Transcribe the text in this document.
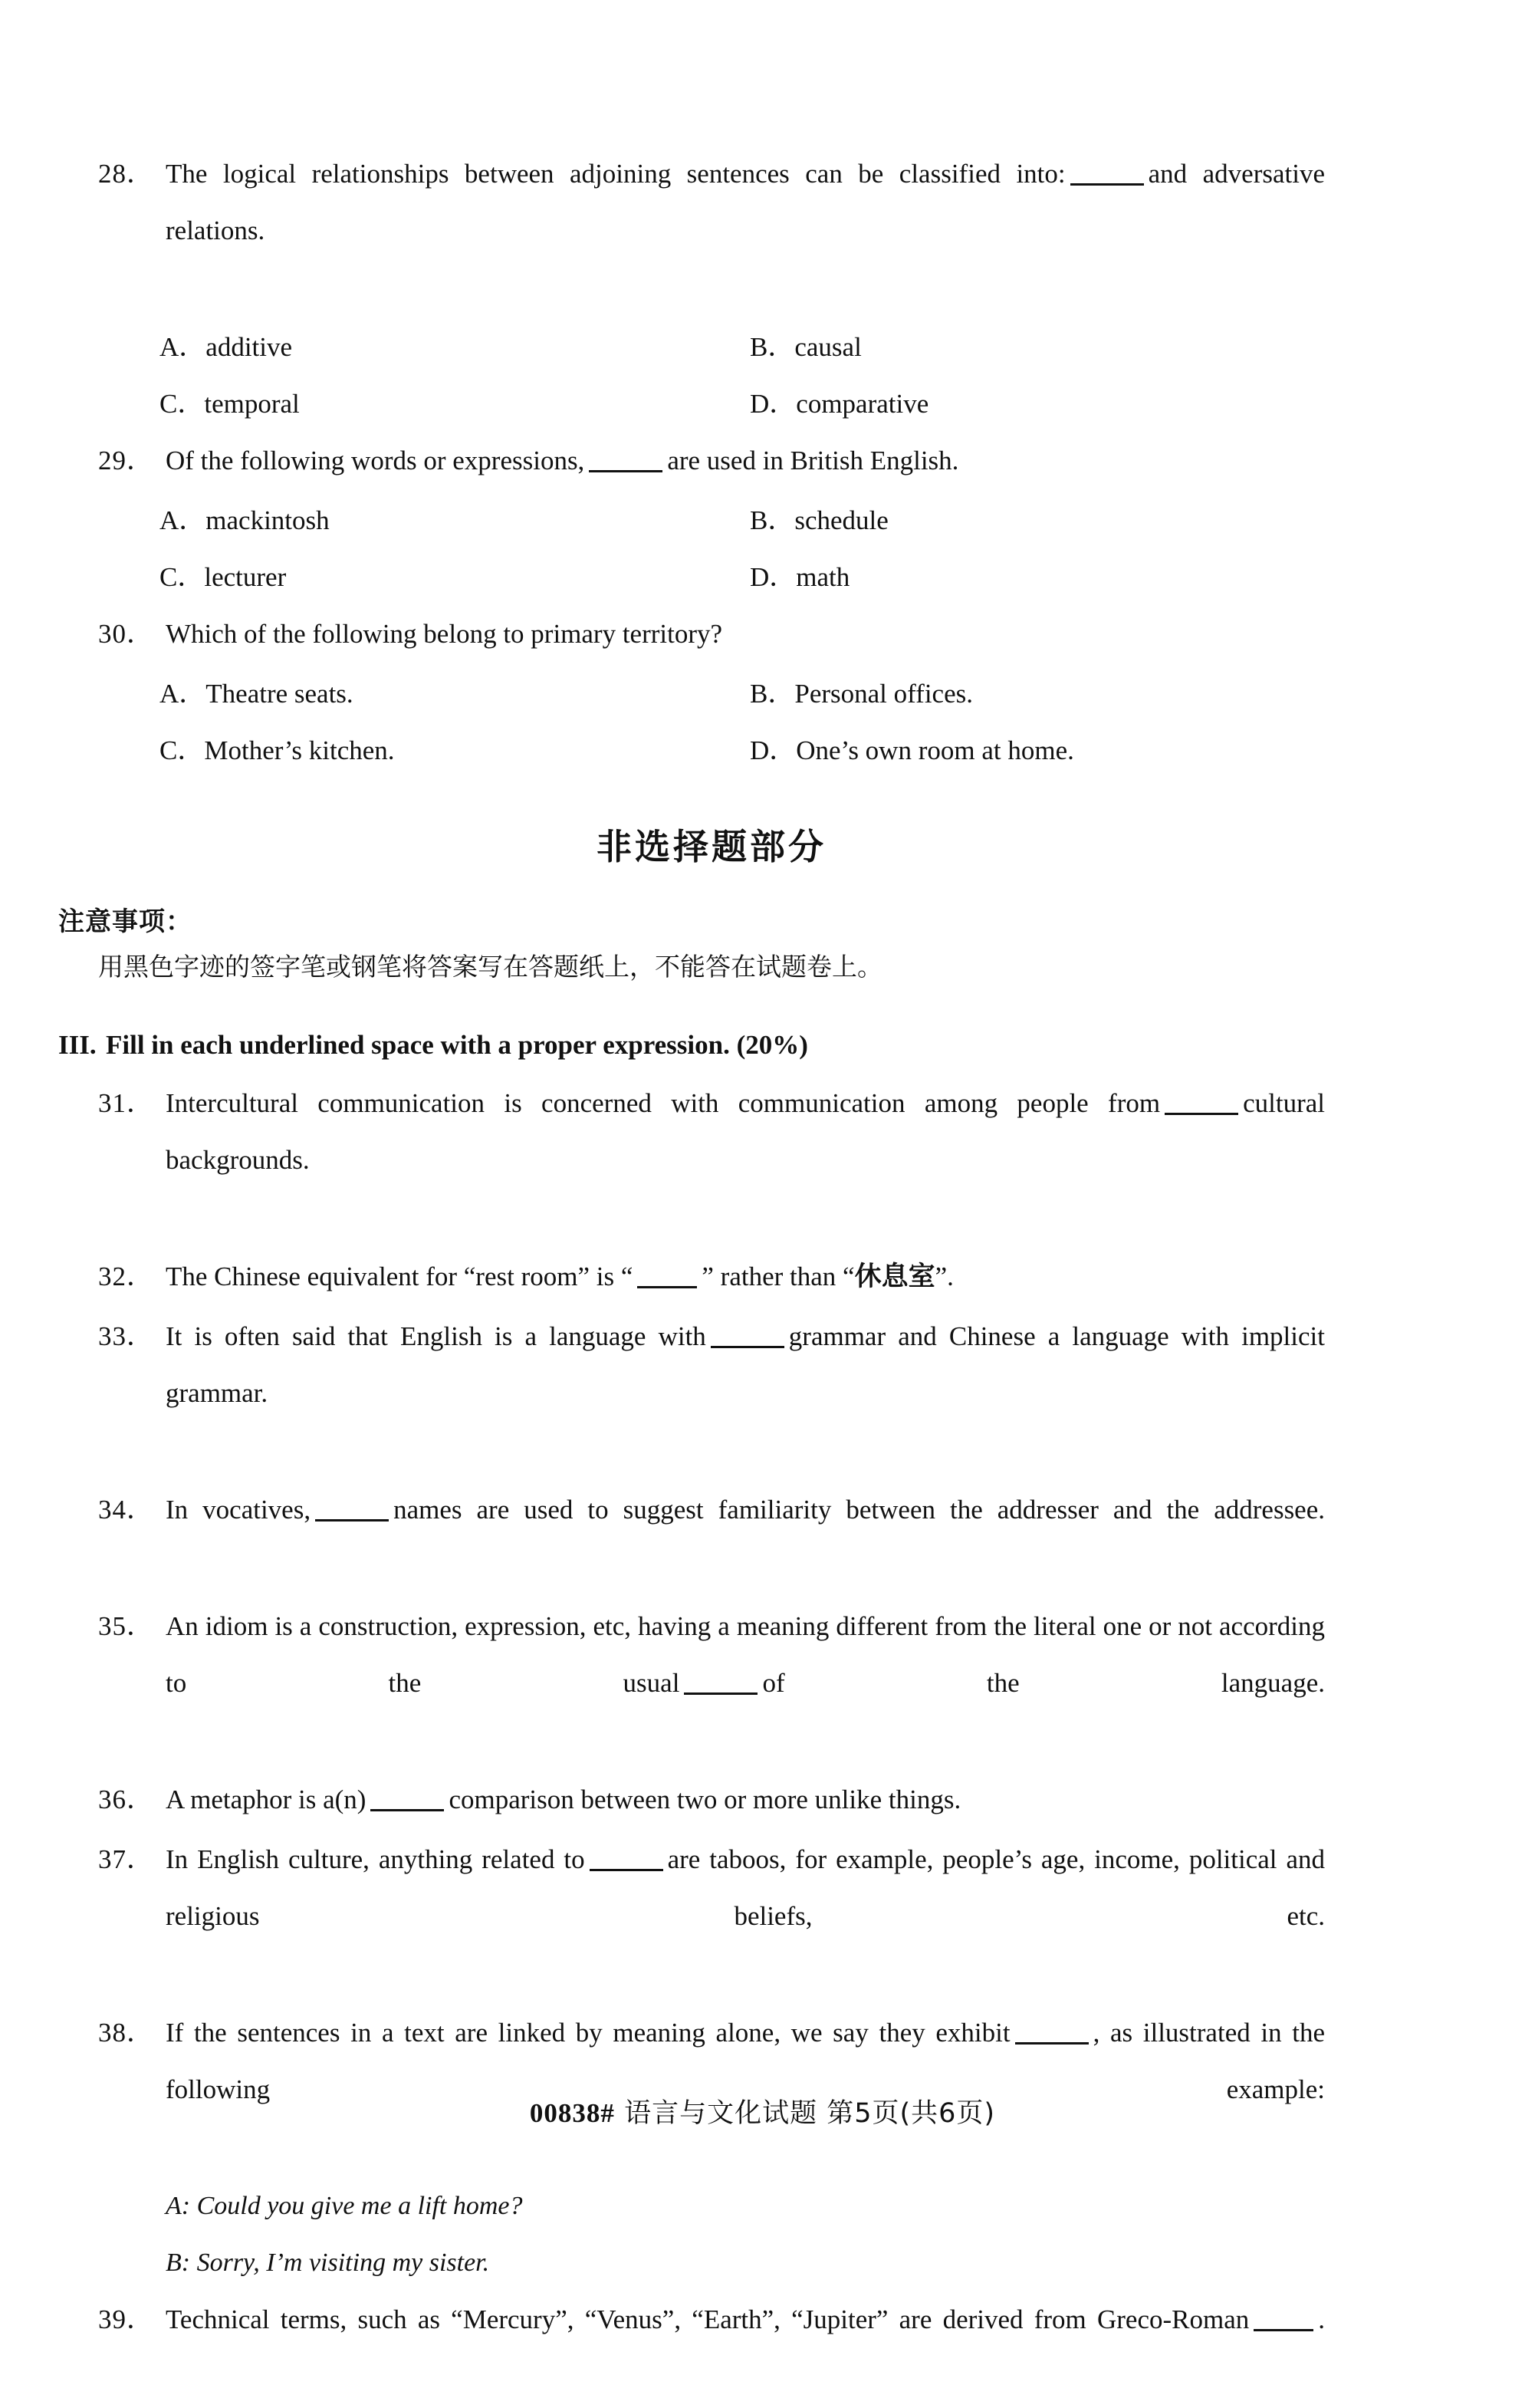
28． The logical relationships between adjoining sentences can be classified into:	and adversative relations.
A．additive	B．causal
C．temporal	D．comparative
29． Of the following words or expressions,	are used in British English.
A．mackintosh	B．schedule
C．lecturer	D．math
30． Which of the following belong to primary territory?
A．Theatre seats.	B．Personal offices.
C．Mother’s kitchen.	D．One’s own room at home.
非选择题部分
注意事项：
用黑色字迹的签字笔或钢笔将答案写在答题纸上，不能答在试题卷上。
III. Fill in each underlined space with a proper expression. (20%)
31． Intercultural communication is concerned with communication among people from	cultural backgrounds.
32． The Chinese equivalent for “rest room” is “	” rather than “休息室”.
33． It is often said that English is a language with	grammar and Chinese a language with implicit grammar.
34． In vocatives,	names are used to suggest familiarity between the addresser and the addressee.
35． An idiom is a construction, expression, etc, having a meaning different from the literal one or not according to the usual	of the language.
36． A metaphor is a(n)	comparison between two or more unlike things.
37． In English culture, anything related to	are taboos, for example, people’s age, income, political and religious beliefs, etc.
38． If the sentences in a text are linked by meaning alone, we say they exhibit	, as illustrated in the following example:
A: Could you give me a lift home?
B: Sorry, I’m visiting my sister.
39． Technical terms, such as “Mercury”, “Venus”, “Earth”, “Jupiter” are derived from Greco-Roman	.
00838# 语言与文化试题 第5页(共6页)
